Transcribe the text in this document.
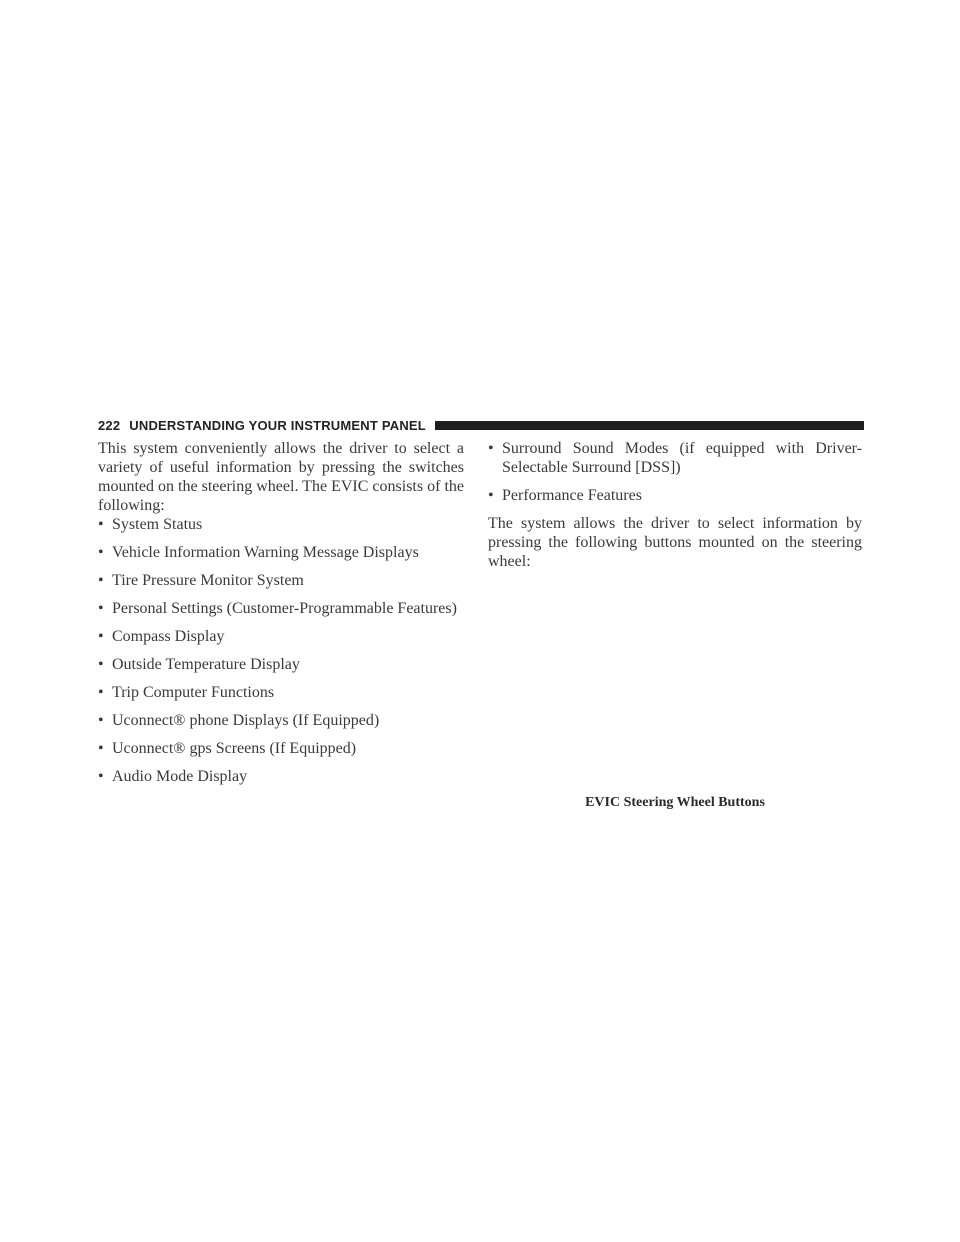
222 UNDERSTANDING YOUR INSTRUMENT PANEL

This system conveniently allows the driver to select a variety of useful information by pressing the switches mounted on the steering wheel. The EVIC consists of the following:

• System Status
• Vehicle Information Warning Message Displays
• Tire Pressure Monitor System
• Personal Settings (Customer-Programmable Features)
• Compass Display
• Outside Temperature Display
• Trip Computer Functions
• Uconnect® phone Displays (If Equipped)
• Uconnect® gps Screens (If Equipped)
• Audio Mode Display
• Surround Sound Modes (if equipped with Driver-Selectable Surround [DSS])
• Performance Features

The system allows the driver to select information by pressing the following buttons mounted on the steering wheel:

EVIC Steering Wheel Buttons
